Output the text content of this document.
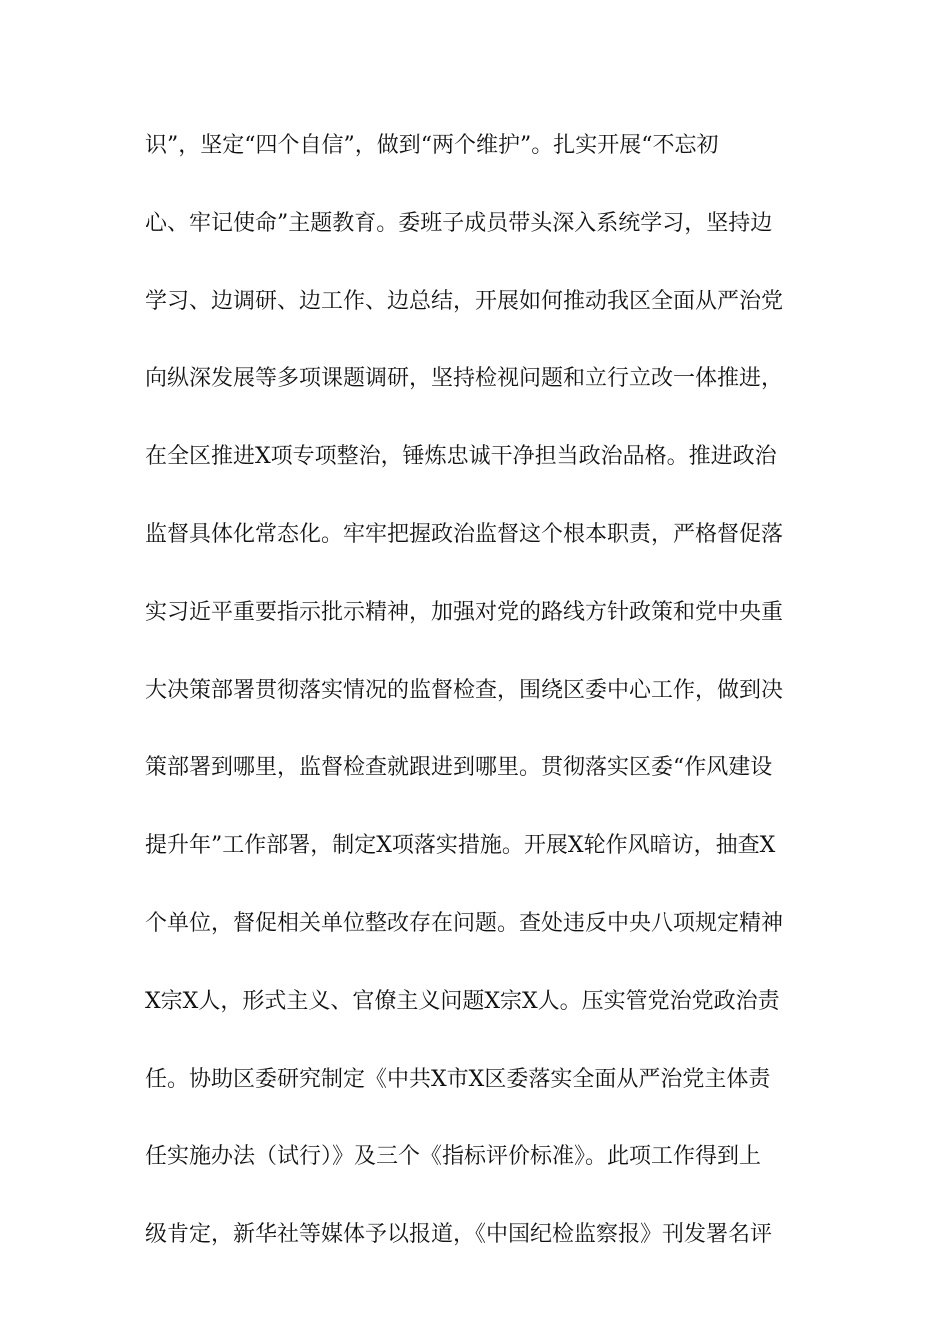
识”，坚定“四个自信”，做到“两个维护”。扎实开展“不忘初
心、牢记使命”主题教育。委班子成员带头深入系统学习，坚持边
学习、边调研、边工作、边总结，开展如何推动我区全面从严治党
向纵深发展等多项课题调研，坚持检视问题和立行立改一体推进，
在全区推进X项专项整治，锤炼忠诚干净担当政治品格。推进政治
监督具体化常态化。牢牢把握政治监督这个根本职责，严格督促落
实习近平重要指示批示精神，加强对党的路线方针政策和党中央重
大决策部署贯彻落实情况的监督检查，围绕区委中心工作，做到决
策部署到哪里，监督检查就跟进到哪里。贯彻落实区委“作风建设
提升年”工作部署，制定X项落实措施。开展X轮作风暗访，抽查X
个单位，督促相关单位整改存在问题。查处违反中央八项规定精神
X宗X人，形式主义、官僚主义问题X宗X人。压实管党治党政治责
任。协助区委研究制定《中共X市X区委落实全面从严治党主体责
任实施办法（试行）》及三个《指标评价标准》。此项工作得到上
级肯定，新华社等媒体予以报道，《中国纪检监察报》刊发署名评
